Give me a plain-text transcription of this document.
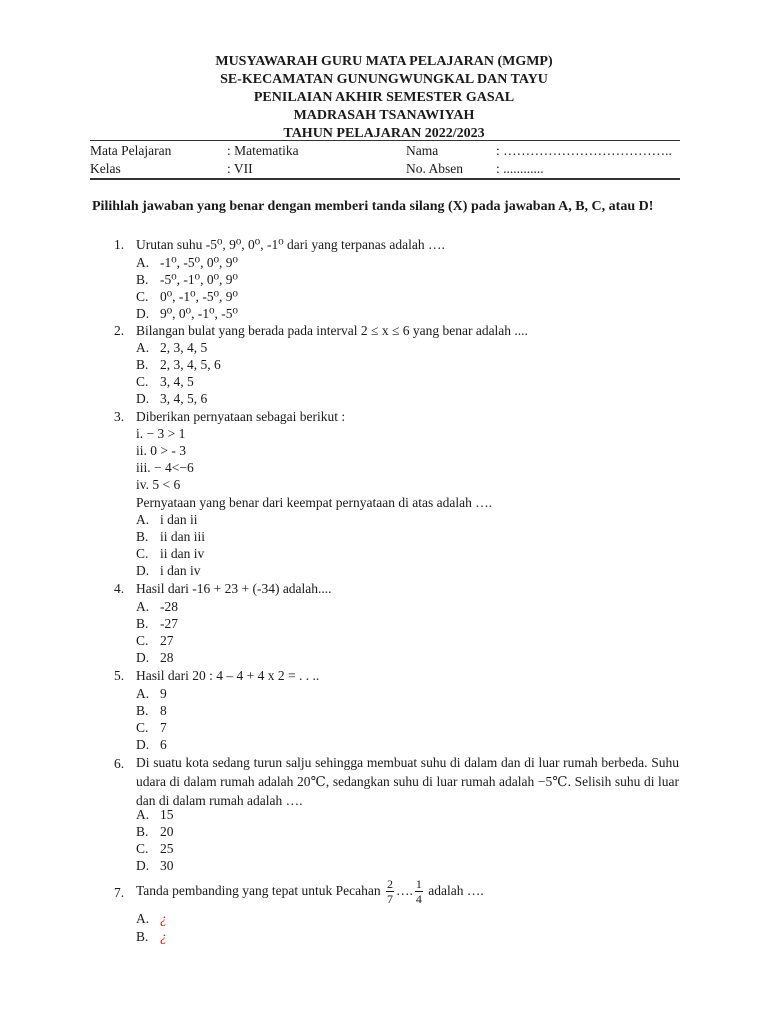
MUSYAWARAH GURU MATA PELAJARAN (MGMP)
SE-KECAMATAN GUNUNGWUNGKAL DAN TAYU
PENILAIAN AKHIR SEMESTER GASAL
MADRASAH TSANAWIYAH
TAHUN PELAJARAN 2022/2023
Mata Pelajaran	: Matematika	Nama	: ………………………………..
Kelas	: VII	No. Absen : ............
Pilihlah jawaban yang benar dengan memberi tanda silang (X) pada jawaban A, B, C, atau D!
1. Urutan suhu -5⁰, 9⁰, 0⁰, -1⁰ dari yang terpanas adalah ….
A. -1⁰, -5⁰, 0⁰, 9⁰
B. -5⁰, -1⁰, 0⁰, 9⁰
C. 0⁰, -1⁰, -5⁰, 9⁰
D. 9⁰, 0⁰, -1⁰, -5⁰
2. Bilangan bulat yang berada pada interval 2 ≤ x ≤ 6 yang benar adalah ....
A. 2, 3, 4, 5
B. 2, 3, 4, 5, 6
C. 3, 4, 5
D. 3, 4, 5, 6
3. Diberikan pernyataan sebagai berikut :
i. − 3 > 1
ii. 0 > - 3
iii. − 4<−6
iv. 5 < 6
Pernyataan yang benar dari keempat pernyataan di atas adalah ….
A. i dan ii
B. ii dan iii
C. ii dan iv
D. i dan iv
4. Hasil dari -16 + 23 + (-34) adalah....
A. -28
B. -27
C. 27
D. 28
5. Hasil dari 20 : 4 – 4 + 4 x 2 = . . ..
A. 9
B. 8
C. 7
D. 6
6. Di suatu kota sedang turun salju sehingga membuat suhu di dalam dan di luar rumah berbeda. Suhu udara di dalam rumah adalah 20℃, sedangkan suhu di luar rumah adalah −5℃. Selisih suhu di luar dan di dalam rumah adalah ….
A. 15
B. 20
C. 25
D. 30
7. Tanda pembanding yang tepat untuk Pecahan $\frac{2}{7}$ …. $\frac{1}{4}$ adalah ….
A. ¿
B. ¿
